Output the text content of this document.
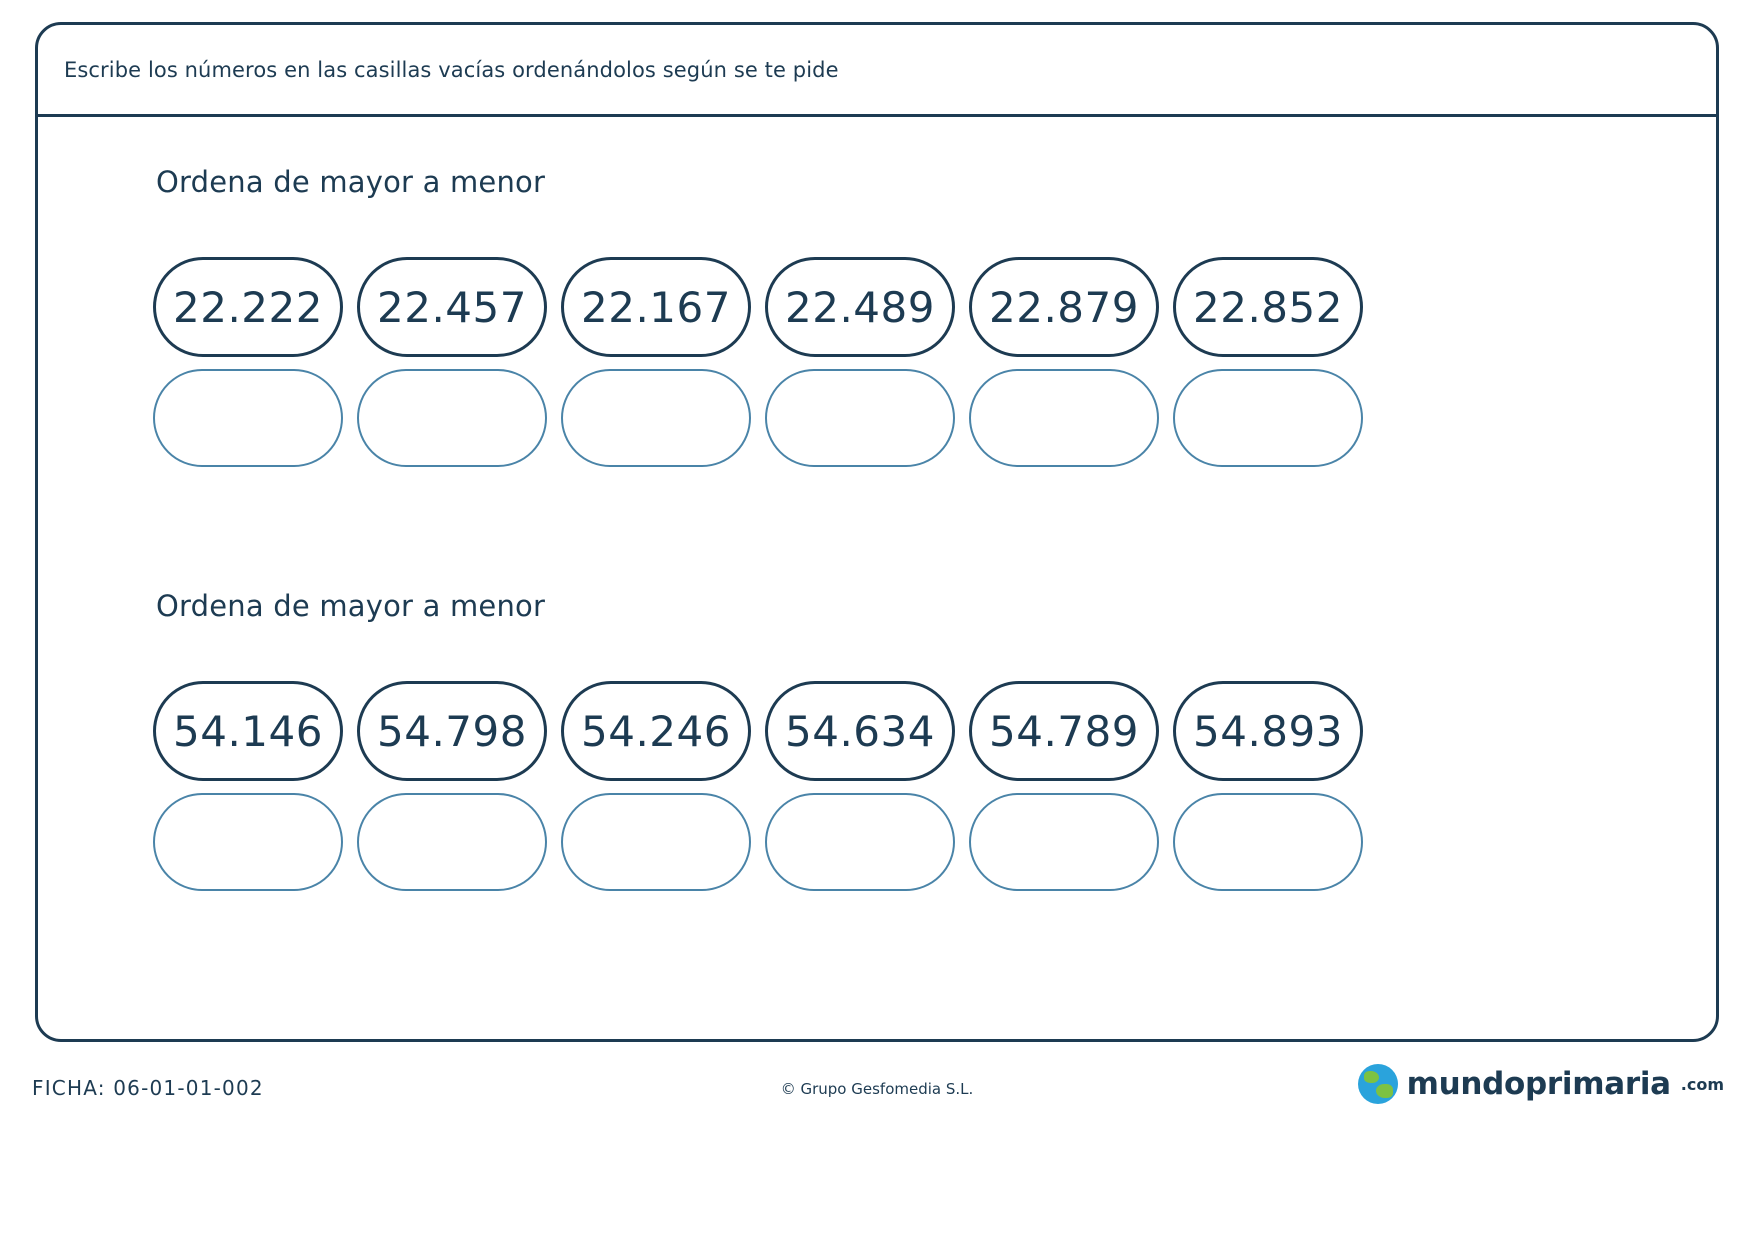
Escribe los números en las casillas vacías ordenándolos según se te pide
Ordena de mayor a menor
22.222	22.457	22.167	22.489	22.879	22.852
Ordena de mayor a menor
54.146	54.798	54.246	54.634	54.789	54.893
FICHA: 06-01-01-002	© Grupo Gesfomedia S.L.	mundoprimaria .com
